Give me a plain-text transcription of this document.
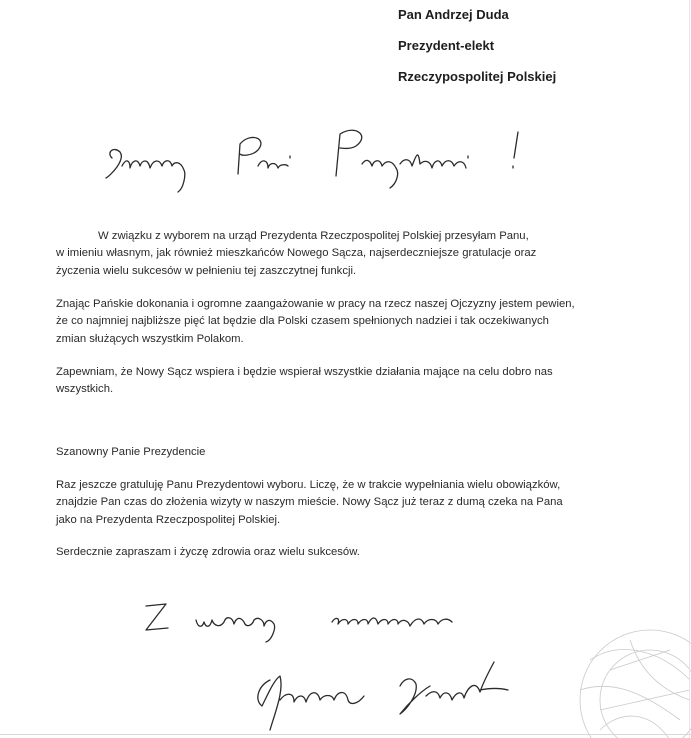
Pan Andrzej Duda
Prezydent-elekt
Rzeczypospolitej Polskiej
W związku z wyborem na urząd Prezydenta Rzeczpospolitej Polskiej przesyłam Panu,
w imieniu własnym, jak również mieszkańców Nowego Sącza, najserdeczniejsze gratulacje oraz
życzenia wielu sukcesów w pełnieniu tej zaszczytnej funkcji.
Znając Pańskie dokonania i ogromne zaangażowanie w pracy na rzecz naszej Ojczyzny jestem pewien,
że co najmniej najbliższe pięć lat będzie dla Polski czasem spełnionych nadziei i tak oczekiwanych
zmian służących wszystkim Polakom.
Zapewniam, że Nowy Sącz wspiera i będzie wspierał wszystkie działania mające na celu dobro nas
wszystkich.
Szanowny Panie Prezydencie
Raz jeszcze gratuluję Panu Prezydentowi wyboru. Liczę, że w trakcie wypełniania wielu obowiązków,
znajdzie Pan czas do złożenia wizyty w naszym mieście. Nowy Sącz już teraz z dumą czeka na Pana
jako na Prezydenta Rzeczpospolitej Polskiej.
Serdecznie zapraszam i życzę zdrowia oraz wielu sukcesów.
